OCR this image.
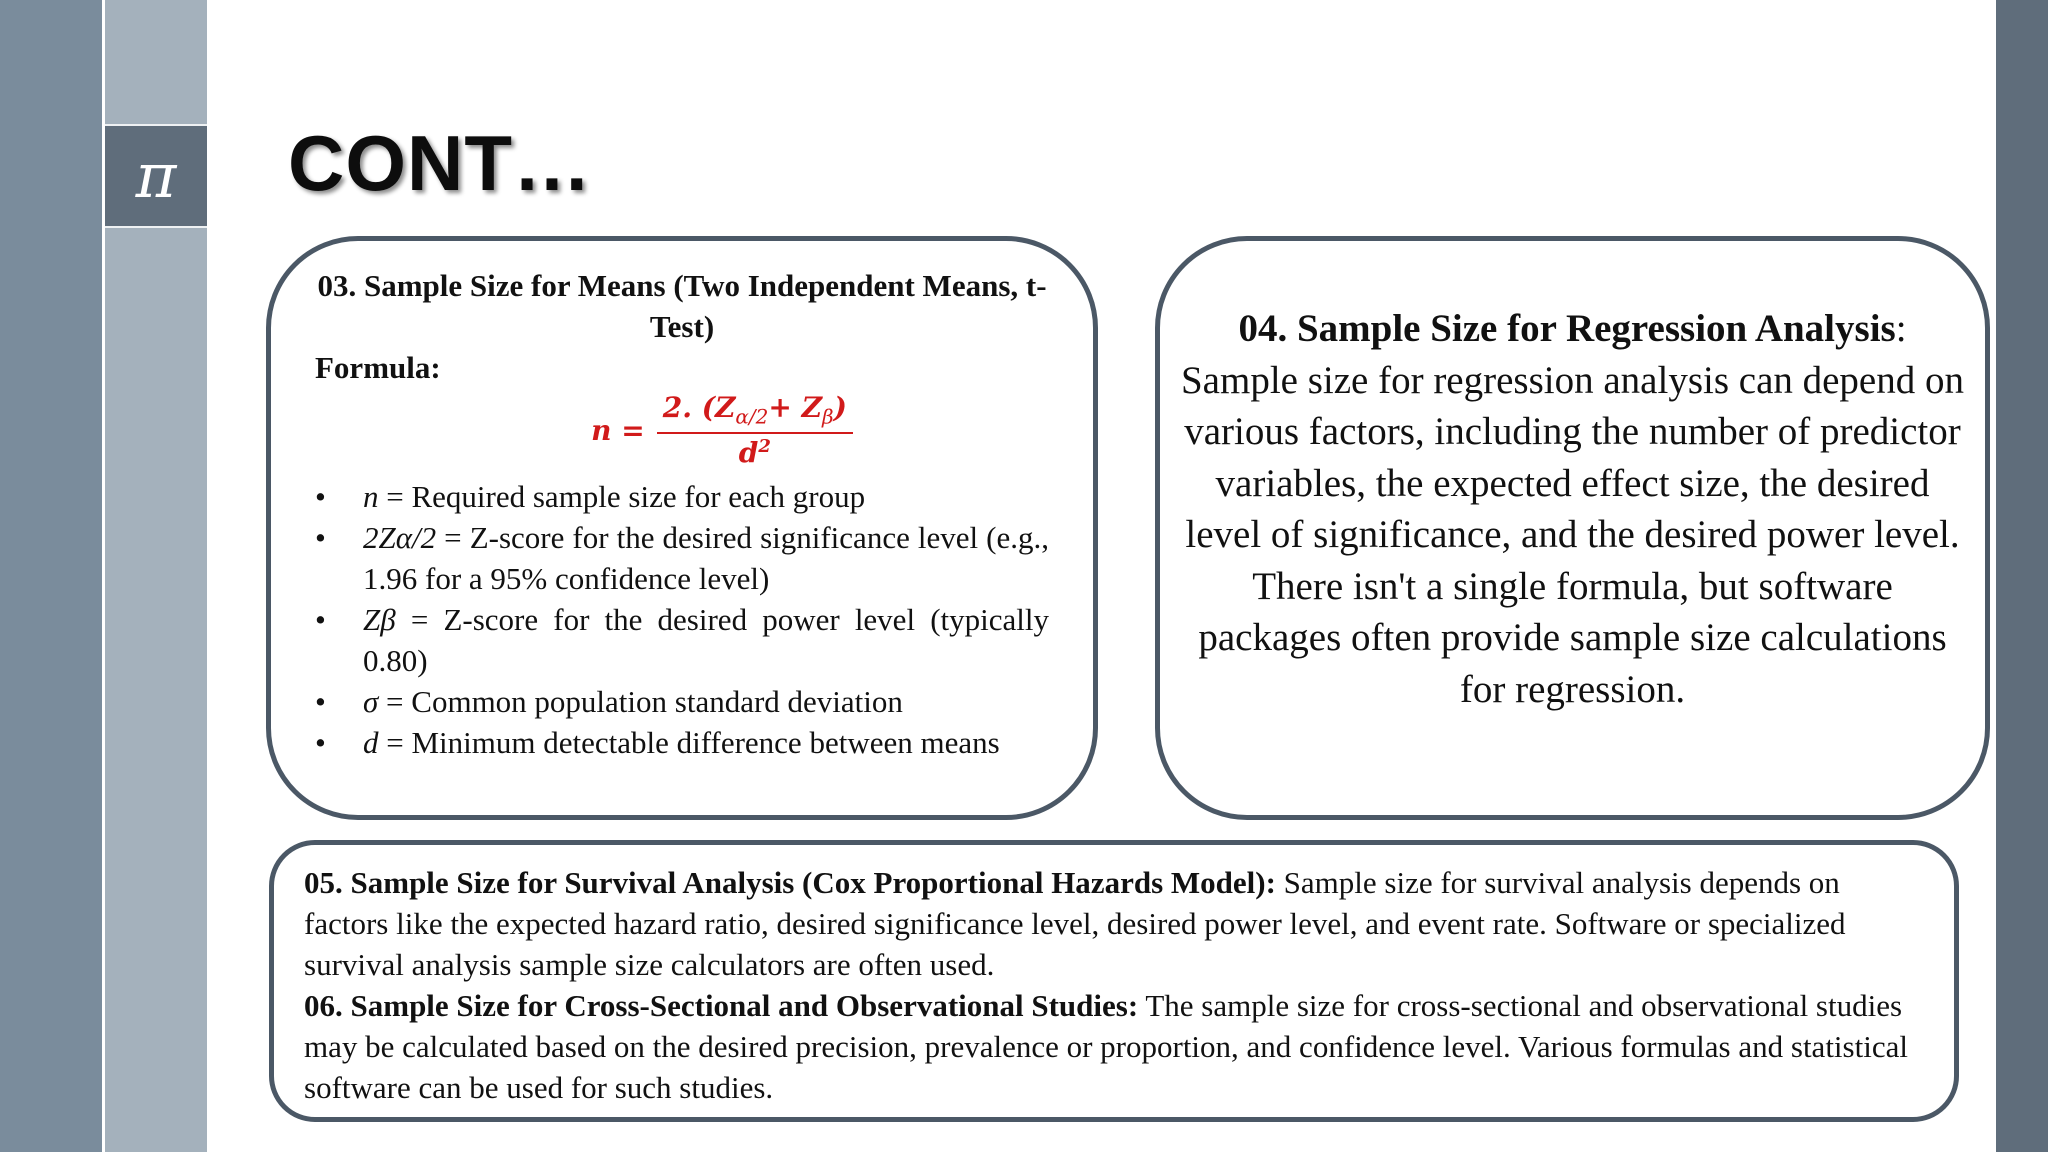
π CONT…

03. Sample Size for Means (Two Independent Means, t-Test)

Formula:

$n = \frac{2. (Z_{\alpha/2}+ Z_\beta)}{d^2}$
• n = Required sample size for each group
• 2Zα/2 = Z-score for the desired significance level (e.g., 1.96 for a 95% confidence level)
• Zβ = Z-score for the desired power level (typically 0.80)
• σ = Common population standard deviation
• d = Minimum detectable difference between means

04. Sample Size for Regression Analysis: Sample size for regression analysis can depend on various factors, including the number of predictor variables, the expected effect size, the desired level of significance, and the desired power level. There isn't a single formula, but software packages often provide sample size calculations for regression.

05. Sample Size for Survival Analysis (Cox Proportional Hazards Model): Sample size for survival analysis depends on factors like the expected hazard ratio, desired significance level, desired power level, and event rate. Software or specialized survival analysis sample size calculators are often used.

06. Sample Size for Cross-Sectional and Observational Studies: The sample size for cross-sectional and observational studies may be calculated based on the desired precision, prevalence or proportion, and confidence level. Various formulas and statistical software can be used for such studies.
